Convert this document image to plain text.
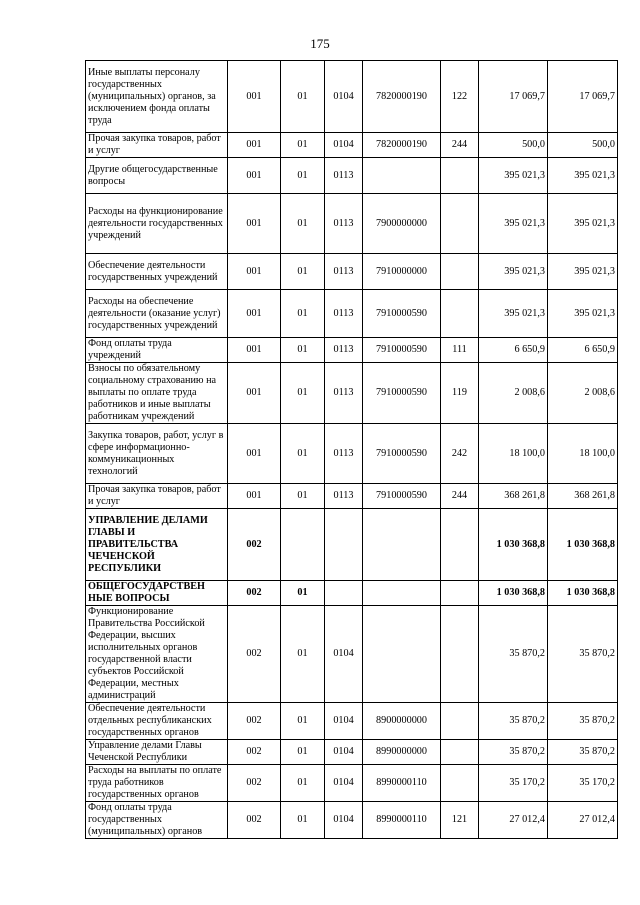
175
Иные выплаты персоналу государственных (муниципальных) органов, за исключением фонда оплаты труда	001	01	0104	7820000190	122	17 069,7	17 069,7
Прочая закупка товаров, работ и услуг	001	01	0104	7820000190	244	500,0	500,0
Другие общегосударственные вопросы	001	01	0113			395 021,3	395 021,3
Расходы на функционирование деятельности государственных учреждений	001	01	0113	7900000000		395 021,3	395 021,3
Обеспечение деятельности государственных учреждений	001	01	0113	7910000000		395 021,3	395 021,3
Расходы на обеспечение деятельности (оказание услуг) государственных учреждений	001	01	0113	7910000590		395 021,3	395 021,3
Фонд оплаты труда учреждений	001	01	0113	7910000590	111	6 650,9	6 650,9
Взносы по обязательному социальному страхованию на выплаты по оплате труда работников и иные выплаты работникам учреждений	001	01	0113	7910000590	119	2 008,6	2 008,6
Закупка товаров, работ, услуг в сфере информационно-коммуникационных технологий	001	01	0113	7910000590	242	18 100,0	18 100,0
Прочая закупка товаров, работ и услуг	001	01	0113	7910000590	244	368 261,8	368 261,8
УПРАВЛЕНИЕ ДЕЛАМИ ГЛАВЫ И ПРАВИТЕЛЬСТВА ЧЕЧЕНСКОЙ РЕСПУБЛИКИ	002					1 030 368,8	1 030 368,8
ОБЩЕГОСУДАРСТВЕН НЫЕ ВОПРОСЫ	002	01				1 030 368,8	1 030 368,8
Функционирование Правительства Российской Федерации, высших исполнительных органов государственной власти субъектов Российской Федерации, местных администраций	002	01	0104			35 870,2	35 870,2
Обеспечение деятельности отдельных республиканских государственных органов	002	01	0104	8900000000		35 870,2	35 870,2
Управление делами Главы Чеченской Республики	002	01	0104	8990000000		35 870,2	35 870,2
Расходы на выплаты по оплате труда работников государственных органов	002	01	0104	8990000110		35 170,2	35 170,2
Фонд оплаты труда государственных (муниципальных) органов	002	01	0104	8990000110	121	27 012,4	27 012,4
